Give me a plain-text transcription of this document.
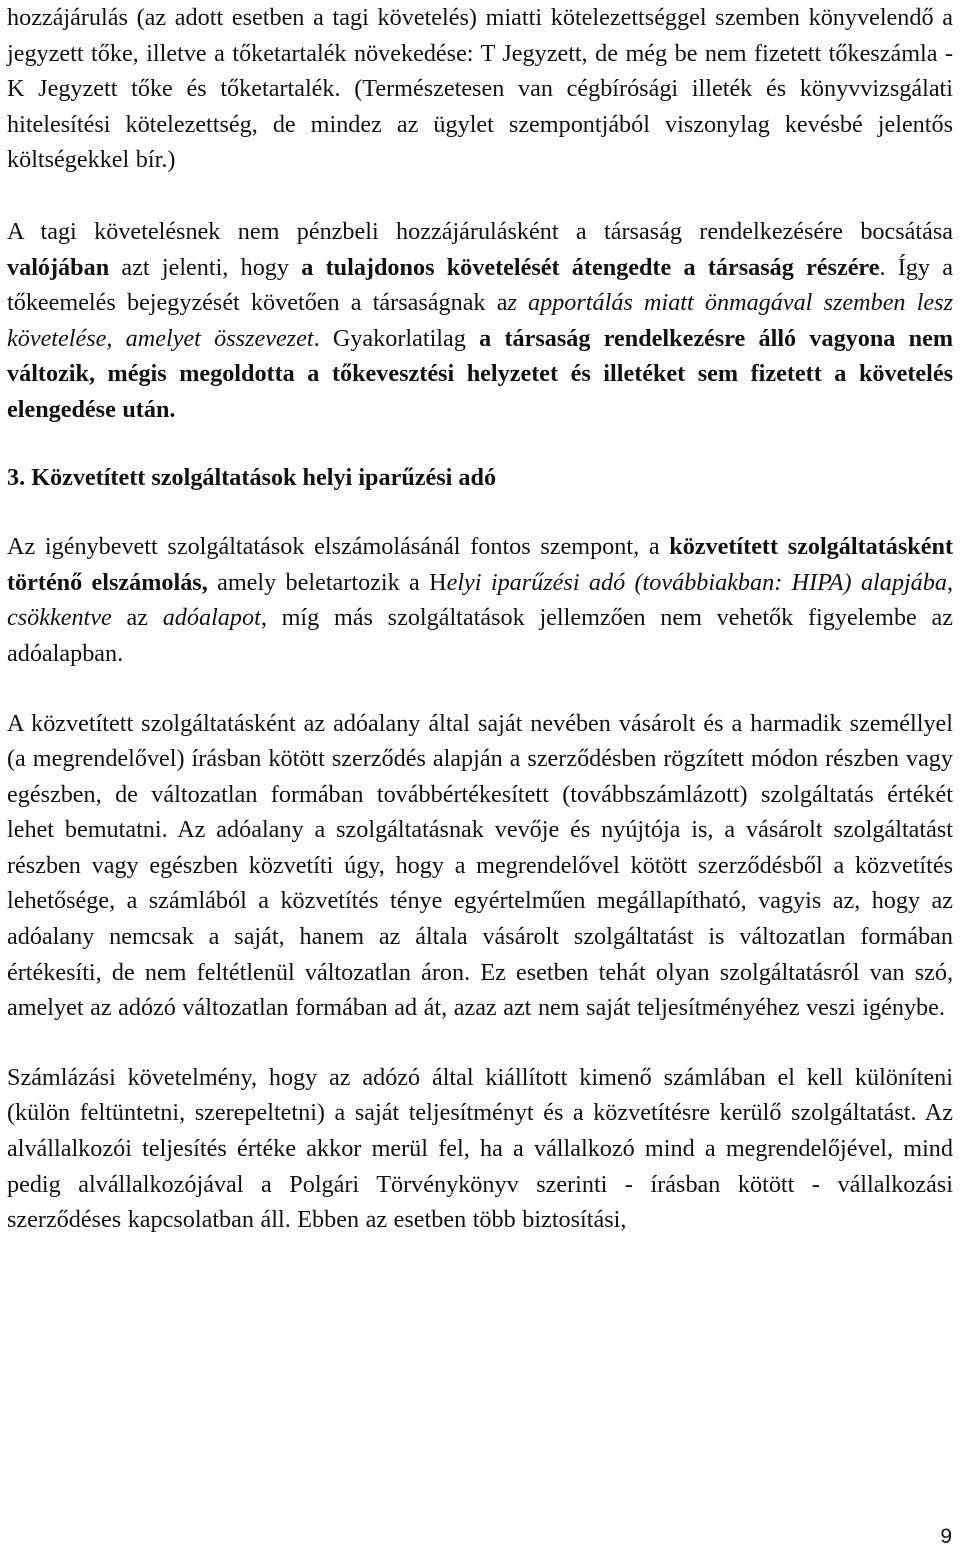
hozzájárulás (az adott esetben a tagi követelés) miatti kötelezettséggel szemben könyvelendő a jegyzett tőke, illetve a tőketartalék növekedése: T Jegyzett, de még be nem fizetett tőkeszámla - K Jegyzett tőke és tőketartalék. (Természetesen van cégbírósági illeték és könyvvizsgálati hitelesítési kötelezettség, de mindez az ügylet szempontjából viszonylag kevésbé jelentős költségekkel bír.)

A tagi követelésnek nem pénzbeli hozzájárulásként a társaság rendelkezésére bocsátása valójában azt jelenti, hogy a tulajdonos követelését átengedte a társaság részére. Így a tőkeemelés bejegyzését követően a társaságnak az apportálás miatt önmagával szemben lesz követelése, amelyet összevezet. Gyakorlatilag a társaság rendelkezésre álló vagyona nem változik, mégis megoldotta a tőkevesztési helyzetet és illetéket sem fizetett a követelés elengedése után.

3. Közvetített szolgáltatások helyi iparűzési adó

Az igénybevett szolgáltatások elszámolásánál fontos szempont, a közvetített szolgáltatásként történő elszámolás, amely beletartozik a Helyi iparűzési adó (továbbiakban: HIPA) alapjába, csökkentve az adóalapot, míg más szolgáltatások jellemzően nem vehetők figyelembe az adóalapban.

A közvetített szolgáltatásként az adóalany által saját nevében vásárolt és a harmadik személlyel (a megrendelővel) írásban kötött szerződés alapján a szerződésben rögzített módon részben vagy egészben, de változatlan formában továbbértékesített (továbbszámlázott) szolgáltatás értékét lehet bemutatni. Az adóalany a szolgáltatásnak vevője és nyújtója is, a vásárolt szolgáltatást részben vagy egészben közvetíti úgy, hogy a megrendelővel kötött szerződésből a közvetítés lehetősége, a számlából a közvetítés ténye egyértelműen megállapítható, vagyis az, hogy az adóalany nemcsak a saját, hanem az általa vásárolt szolgáltatást is változatlan formában értékesíti, de nem feltétlenül változatlan áron. Ez esetben tehát olyan szolgáltatásról van szó, amelyet az adózó változatlan formában ad át, azaz azt nem saját teljesítményéhez veszi igénybe.

Számlázási követelmény, hogy az adózó által kiállított kimenő számlában el kell különíteni (külön feltüntetni, szerepeltetni) a saját teljesítményt és a közvetítésre kerülő szolgáltatást. Az alvállalkozói teljesítés értéke akkor merül fel, ha a vállalkozó mind a megrendelőjével, mind pedig alvállalkozójával a Polgári Törvénykönyv szerinti - írásban kötött - vállalkozási szerződéses kapcsolatban áll. Ebben az esetben több biztosítási,

9
